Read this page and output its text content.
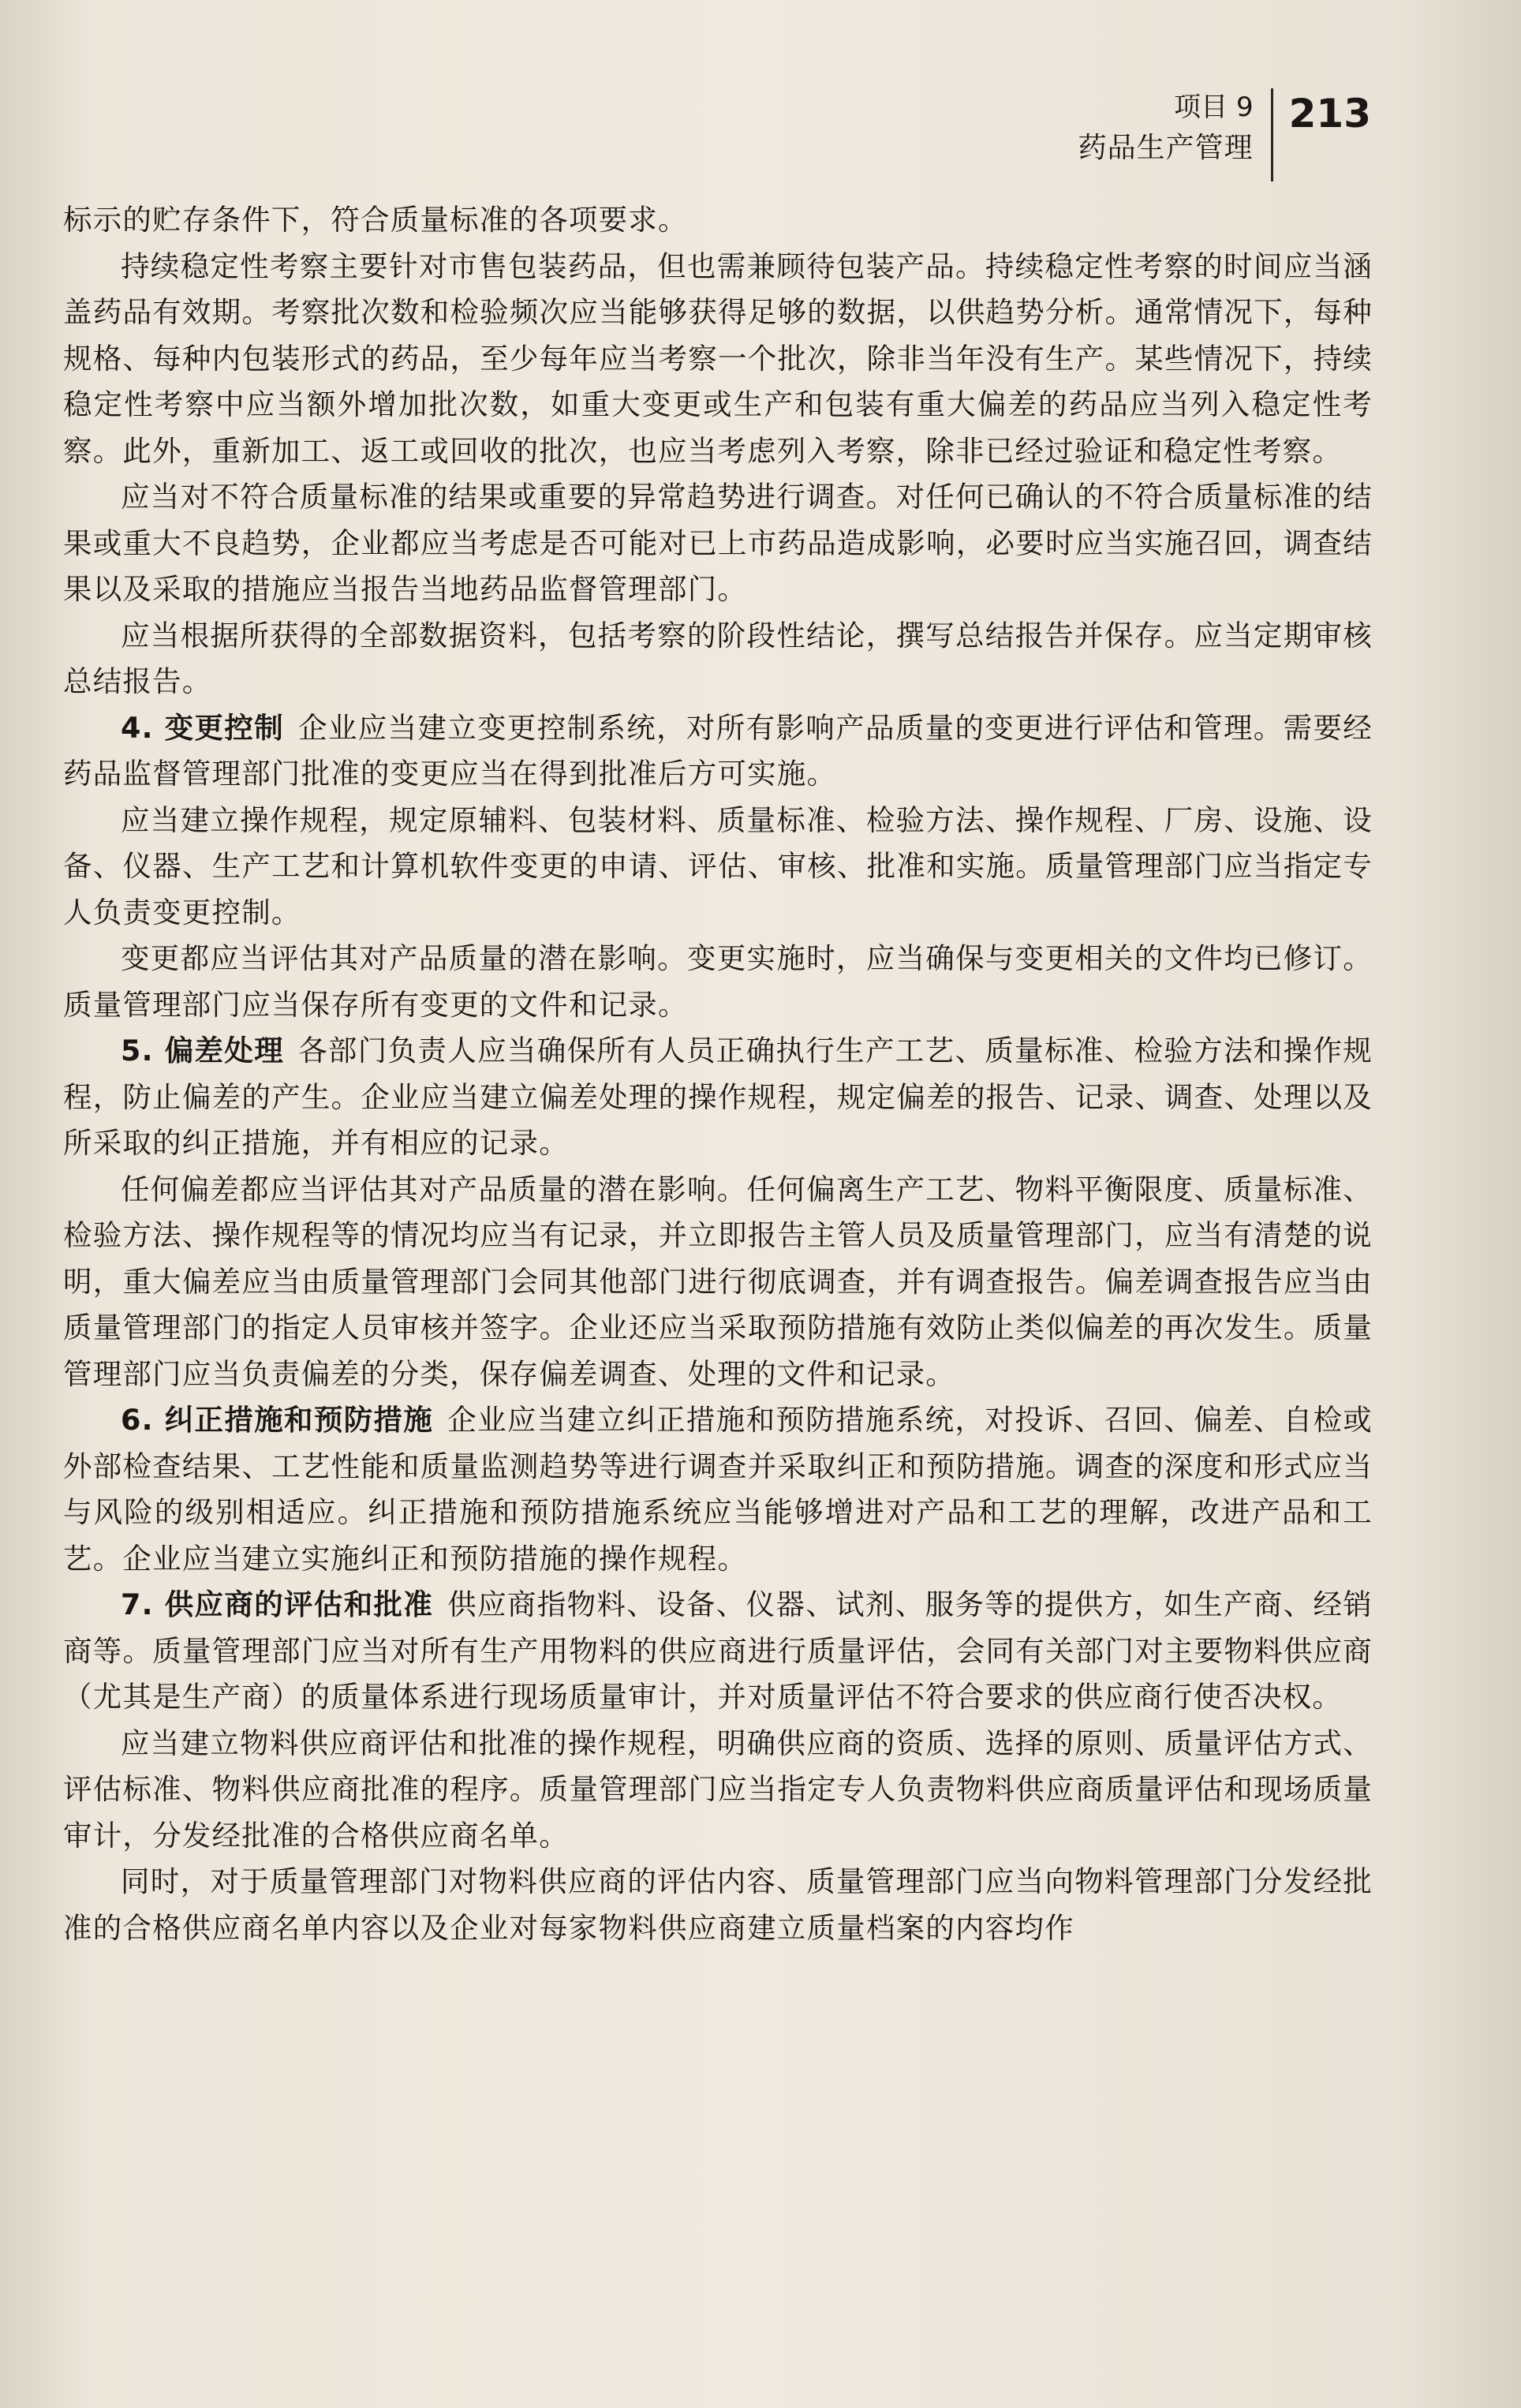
项目 9
药品生产管理
213

标示的贮存条件下，符合质量标准的各项要求。

持续稳定性考察主要针对市售包装药品，但也需兼顾待包装产品。持续稳定性考察的时间应当涵盖药品有效期。考察批次数和检验频次应当能够获得足够的数据，以供趋势分析。通常情况下，每种规格、每种内包装形式的药品，至少每年应当考察一个批次，除非当年没有生产。某些情况下，持续稳定性考察中应当额外增加批次数，如重大变更或生产和包装有重大偏差的药品应当列入稳定性考察。此外，重新加工、返工或回收的批次，也应当考虑列入考察，除非已经过验证和稳定性考察。

应当对不符合质量标准的结果或重要的异常趋势进行调查。对任何已确认的不符合质量标准的结果或重大不良趋势，企业都应当考虑是否可能对已上市药品造成影响，必要时应当实施召回，调查结果以及采取的措施应当报告当地药品监督管理部门。

应当根据所获得的全部数据资料，包括考察的阶段性结论，撰写总结报告并保存。应当定期审核总结报告。

4. 变更控制 企业应当建立变更控制系统，对所有影响产品质量的变更进行评估和管理。需要经药品监督管理部门批准的变更应当在得到批准后方可实施。

应当建立操作规程，规定原辅料、包装材料、质量标准、检验方法、操作规程、厂房、设施、设备、仪器、生产工艺和计算机软件变更的申请、评估、审核、批准和实施。质量管理部门应当指定专人负责变更控制。

变更都应当评估其对产品质量的潜在影响。变更实施时，应当确保与变更相关的文件均已修订。质量管理部门应当保存所有变更的文件和记录。

5. 偏差处理 各部门负责人应当确保所有人员正确执行生产工艺、质量标准、检验方法和操作规程，防止偏差的产生。企业应当建立偏差处理的操作规程，规定偏差的报告、记录、调查、处理以及所采取的纠正措施，并有相应的记录。

任何偏差都应当评估其对产品质量的潜在影响。任何偏离生产工艺、物料平衡限度、质量标准、检验方法、操作规程等的情况均应当有记录，并立即报告主管人员及质量管理部门，应当有清楚的说明，重大偏差应当由质量管理部门会同其他部门进行彻底调查，并有调查报告。偏差调查报告应当由质量管理部门的指定人员审核并签字。企业还应当采取预防措施有效防止类似偏差的再次发生。质量管理部门应当负责偏差的分类，保存偏差调查、处理的文件和记录。

6. 纠正措施和预防措施 企业应当建立纠正措施和预防措施系统，对投诉、召回、偏差、自检或外部检查结果、工艺性能和质量监测趋势等进行调查并采取纠正和预防措施。调查的深度和形式应当与风险的级别相适应。纠正措施和预防措施系统应当能够增进对产品和工艺的理解，改进产品和工艺。企业应当建立实施纠正和预防措施的操作规程。

7. 供应商的评估和批准 供应商指物料、设备、仪器、试剂、服务等的提供方，如生产商、经销商等。质量管理部门应当对所有生产用物料的供应商进行质量评估，会同有关部门对主要物料供应商（尤其是生产商）的质量体系进行现场质量审计，并对质量评估不符合要求的供应商行使否决权。

应当建立物料供应商评估和批准的操作规程，明确供应商的资质、选择的原则、质量评估方式、评估标准、物料供应商批准的程序。质量管理部门应当指定专人负责物料供应商质量评估和现场质量审计，分发经批准的合格供应商名单。

同时，对于质量管理部门对物料供应商的评估内容、质量管理部门应当向物料管理部门分发经批准的合格供应商名单内容以及企业对每家物料供应商建立质量档案的内容均作
